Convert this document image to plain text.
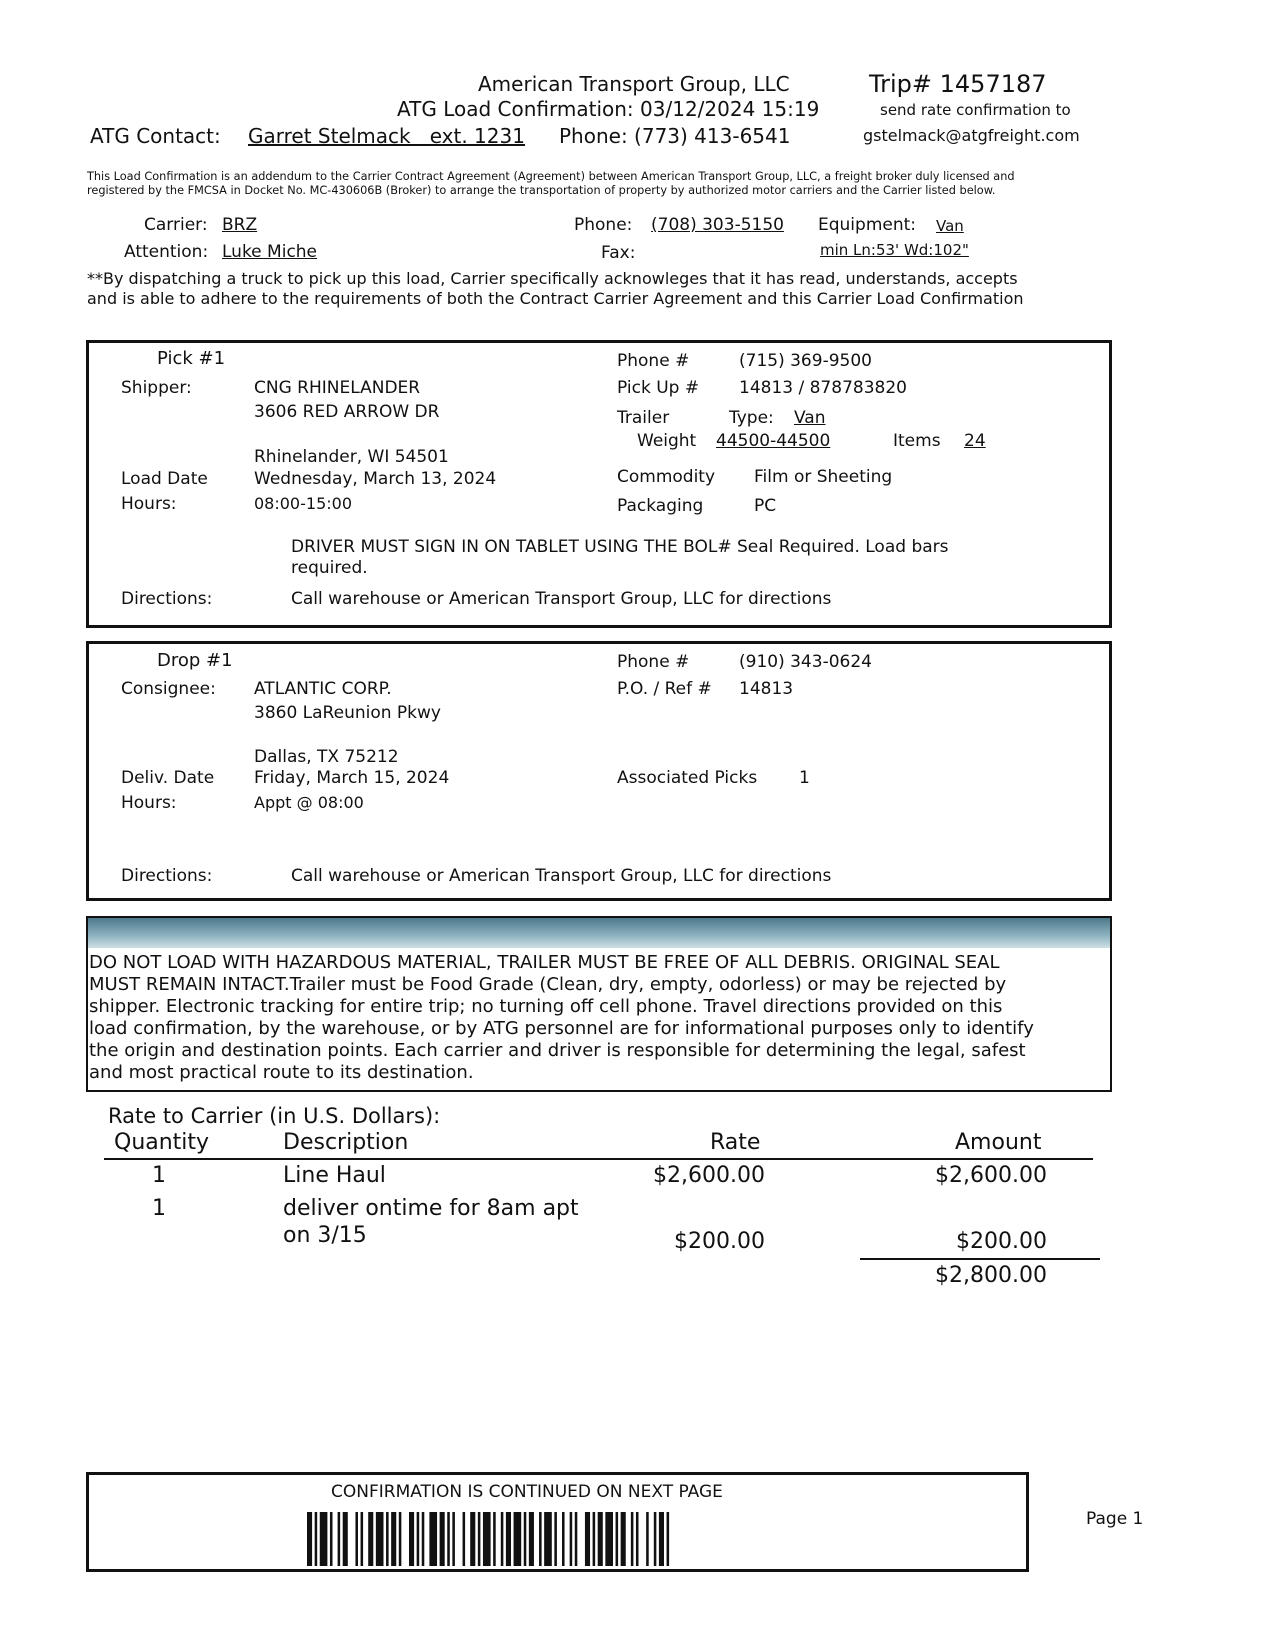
American Transport Group, LLC
ATG Load Confirmation: 03/12/2024 15:19
ATG Contact: Garret Stelmack   ext. 1231 Phone: (773) 413-6541
Trip# 1457187
send rate confirmation to
gstelmack@atgfreight.com
This Load Confirmation is an addendum to the Carrier Contract Agreement (Agreement) between American Transport Group, LLC, a freight broker duly licensed and
registered by the FMCSA in Docket No. MC-430606B (Broker) to arrange the transportation of property by authorized motor carriers and the Carrier listed below.
Carrier: BRZ
Attention: Luke Miche
Phone: (708) 303-5150
Fax:
Equipment: Van
min Ln:53' Wd:102"
**By dispatching a truck to pick up this load, Carrier specifically acknowleges that it has read, understands, accepts
and is able to adhere to the requirements of both the Contract Carrier Agreement and this Carrier Load Confirmation
Pick #1
Shipper:	CNG RHINELANDER
3606 RED ARROW DR
Rhinelander, WI 54501
Load Date	Wednesday, March 13, 2024
Hours:	08:00-15:00
Phone #	(715) 369-9500
Pick Up # 14813 / 878783820
Trailer	Type: Van
Weight 44500-44500	Items 24
Commodity Film or Sheeting
Packaging	PC
DRIVER MUST SIGN IN ON TABLET USING THE BOL# Seal Required. Load bars
required.
Directions:	Call warehouse or American Transport Group, LLC for directions
Drop #1
Consignee: ATLANTIC CORP.
3860 LaReunion Pkwy
Dallas, TX 75212
Deliv. Date Friday, March 15, 2024
Hours:	Appt @ 08:00
Phone #	(910) 343-0624
P.O. / Ref # 14813
Associated Picks 1
Directions:	Call warehouse or American Transport Group, LLC for directions
DO NOT LOAD WITH HAZARDOUS MATERIAL, TRAILER MUST BE FREE OF ALL DEBRIS. ORIGINAL SEAL
MUST REMAIN INTACT.Trailer must be Food Grade (Clean, dry, empty, odorless) or may be rejected by
shipper. Electronic tracking for entire trip; no turning off cell phone. Travel directions provided on this
load confirmation, by the warehouse, or by ATG personnel are for informational purposes only to identify
the origin and destination points. Each carrier and driver is responsible for determining the legal, safest
and most practical route to its destination.
Rate to Carrier (in U.S. Dollars):
Quantity	Description	Rate	Amount
1	Line Haul	$2,600.00	$2,600.00
1	deliver ontime for 8am apt
on 3/15	$200.00	$200.00
$2,800.00
CONFIRMATION IS CONTINUED ON NEXT PAGE
Page 1
